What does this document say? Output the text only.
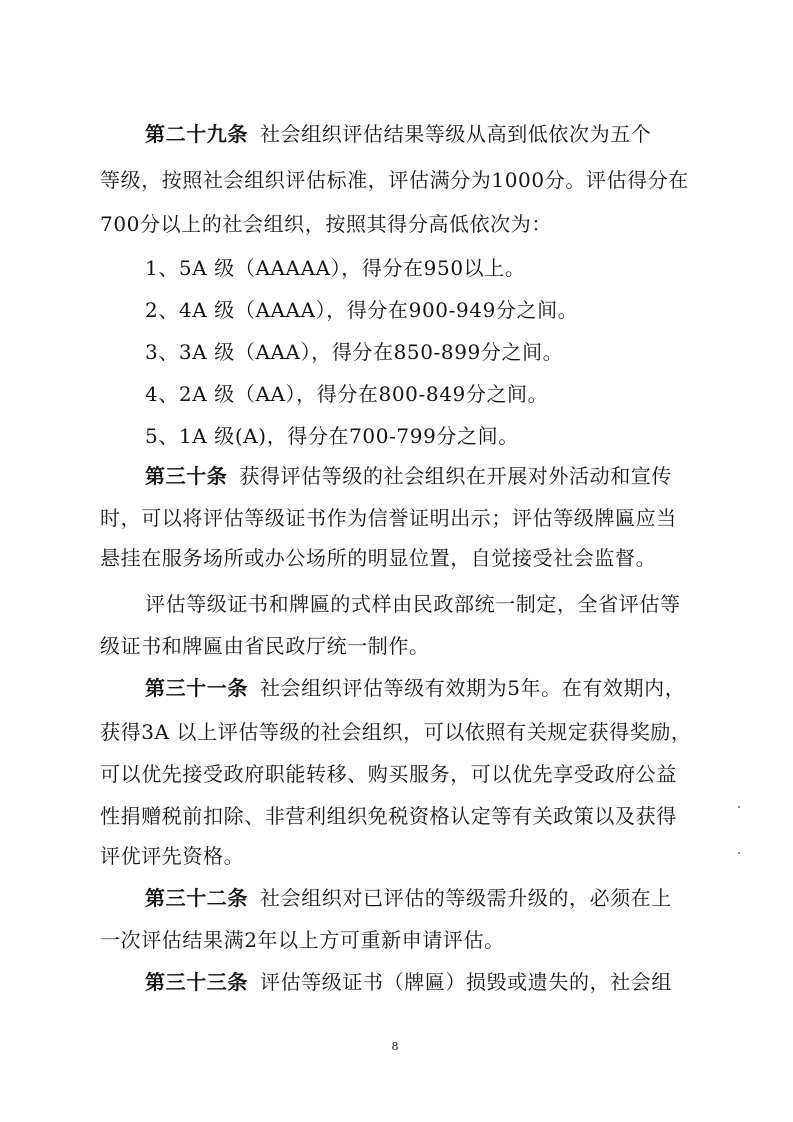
第二十九条 社会组织评估结果等级从高到低依次为五个
等级，按照社会组织评估标准，评估满分为1000分。评估得分在
700分以上的社会组织，按照其得分高低依次为：
1、5A 级（AAAAA），得分在950以上。
2、4A 级（AAAA），得分在900-949分之间。
3、3A 级（AAA），得分在850-899分之间。
4、2A 级（AA），得分在800-849分之间。
5、1A 级(A)，得分在700-799分之间。
第三十条 获得评估等级的社会组织在开展对外活动和宣传
时，可以将评估等级证书作为信誉证明出示；评估等级牌匾应当
悬挂在服务场所或办公场所的明显位置，自觉接受社会监督。
评估等级证书和牌匾的式样由民政部统一制定，全省评估等
级证书和牌匾由省民政厅统一制作。
第三十一条 社会组织评估等级有效期为5年。在有效期内，
获得3A 以上评估等级的社会组织，可以依照有关规定获得奖励，
可以优先接受政府职能转移、购买服务，可以优先享受政府公益
性捐赠税前扣除、非营利组织免税资格认定等有关政策以及获得
评优评先资格。
第三十二条 社会组织对已评估的等级需升级的，必须在上
一次评估结果满2年以上方可重新申请评估。
第三十三条 评估等级证书（牌匾）损毁或遗失的，社会组
8
